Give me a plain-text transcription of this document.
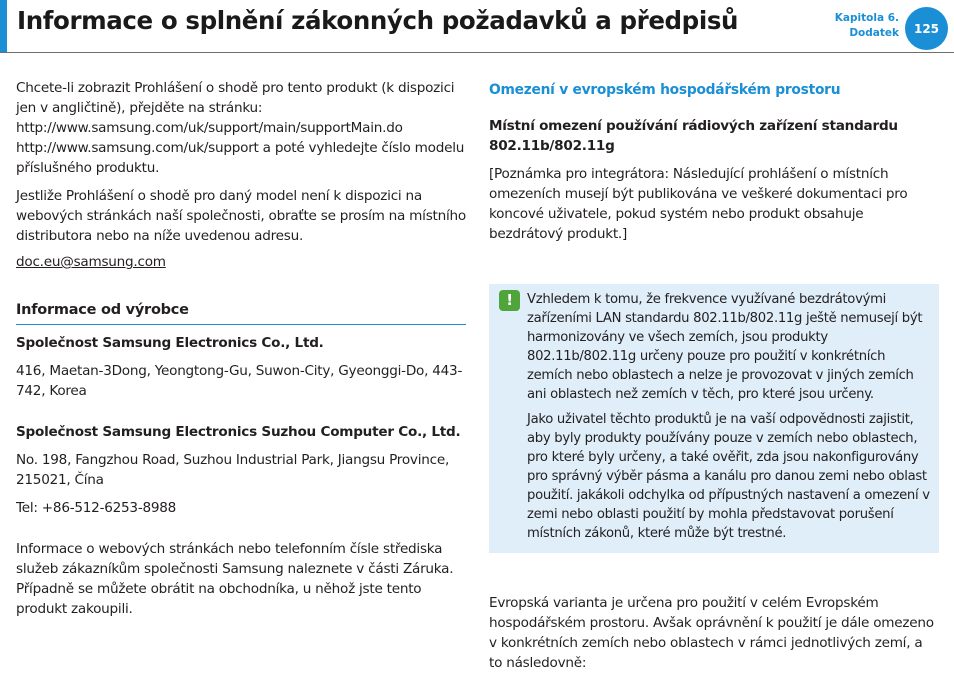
Informace o splnění zákonných požadavků a předpisů	Kapitola 6.
Dodatek	125

Chcete-li zobrazit Prohlášení o shodě pro tento produkt (k dispozici jen v angličtině), přejděte na stránku: http://www.samsung.com/uk/support/main/supportMain.do http://www.samsung.com/uk/support a poté vyhledejte číslo modelu příslušného produktu.

Jestliže Prohlášení o shodě pro daný model není k dispozici na webových stránkách naší společnosti, obraťte se prosím na místního distributora nebo na níže uvedenou adresu.

doc.eu@samsung.com

Informace od výrobce

Společnost Samsung Electronics Co., Ltd.

416, Maetan-3Dong, Yeongtong-Gu, Suwon-City, Gyeonggi-Do, 443-742, Korea

Společnost Samsung Electronics Suzhou Computer Co., Ltd.

No. 198, Fangzhou Road, Suzhou Industrial Park, Jiangsu Province, 215021, Čína

Tel: +86-512-6253-8988

Informace o webových stránkách nebo telefonním čísle střediska služeb zákazníkům společnosti Samsung naleznete v části Záruka. Případně se můžete obrátit na obchodníka, u něhož jste tento produkt zakoupili.

Omezení v evropském hospodářském prostoru

Místní omezení používání rádiových zařízení standardu 802.11b/802.11g

[Poznámka pro integrátora: Následující prohlášení o místních omezeních musejí být publikována ve veškeré dokumentaci pro koncové uživatele, pokud systém nebo produkt obsahuje bezdrátový produkt.]

!	Vzhledem k tomu, že frekvence využívané bezdrátovými zařízeními LAN standardu 802.11b/802.11g ještě nemusejí být harmonizovány ve všech zemích, jsou produkty 802.11b/802.11g určeny pouze pro použití v konkrétních zemích nebo oblastech a nelze je provozovat v jiných zemích ani oblastech než zemích v těch, pro které jsou určeny.

Jako uživatel těchto produktů je na vaší odpovědnosti zajistit, aby byly produkty používány pouze v zemích nebo oblastech, pro které byly určeny, a také ověřit, zda jsou nakonfigurovány pro správný výběr pásma a kanálu pro danou zemi nebo oblast použití. jakákoli odchylka od přípustných nastavení a omezení v zemi nebo oblasti použití by mohla představovat porušení místních zákonů, které může být trestné.

Evropská varianta je určena pro použití v celém Evropském hospodářském prostoru. Avšak oprávnění k použití je dále omezeno v konkrétních zemích nebo oblastech v rámci jednotlivých zemí, a to následovně:
